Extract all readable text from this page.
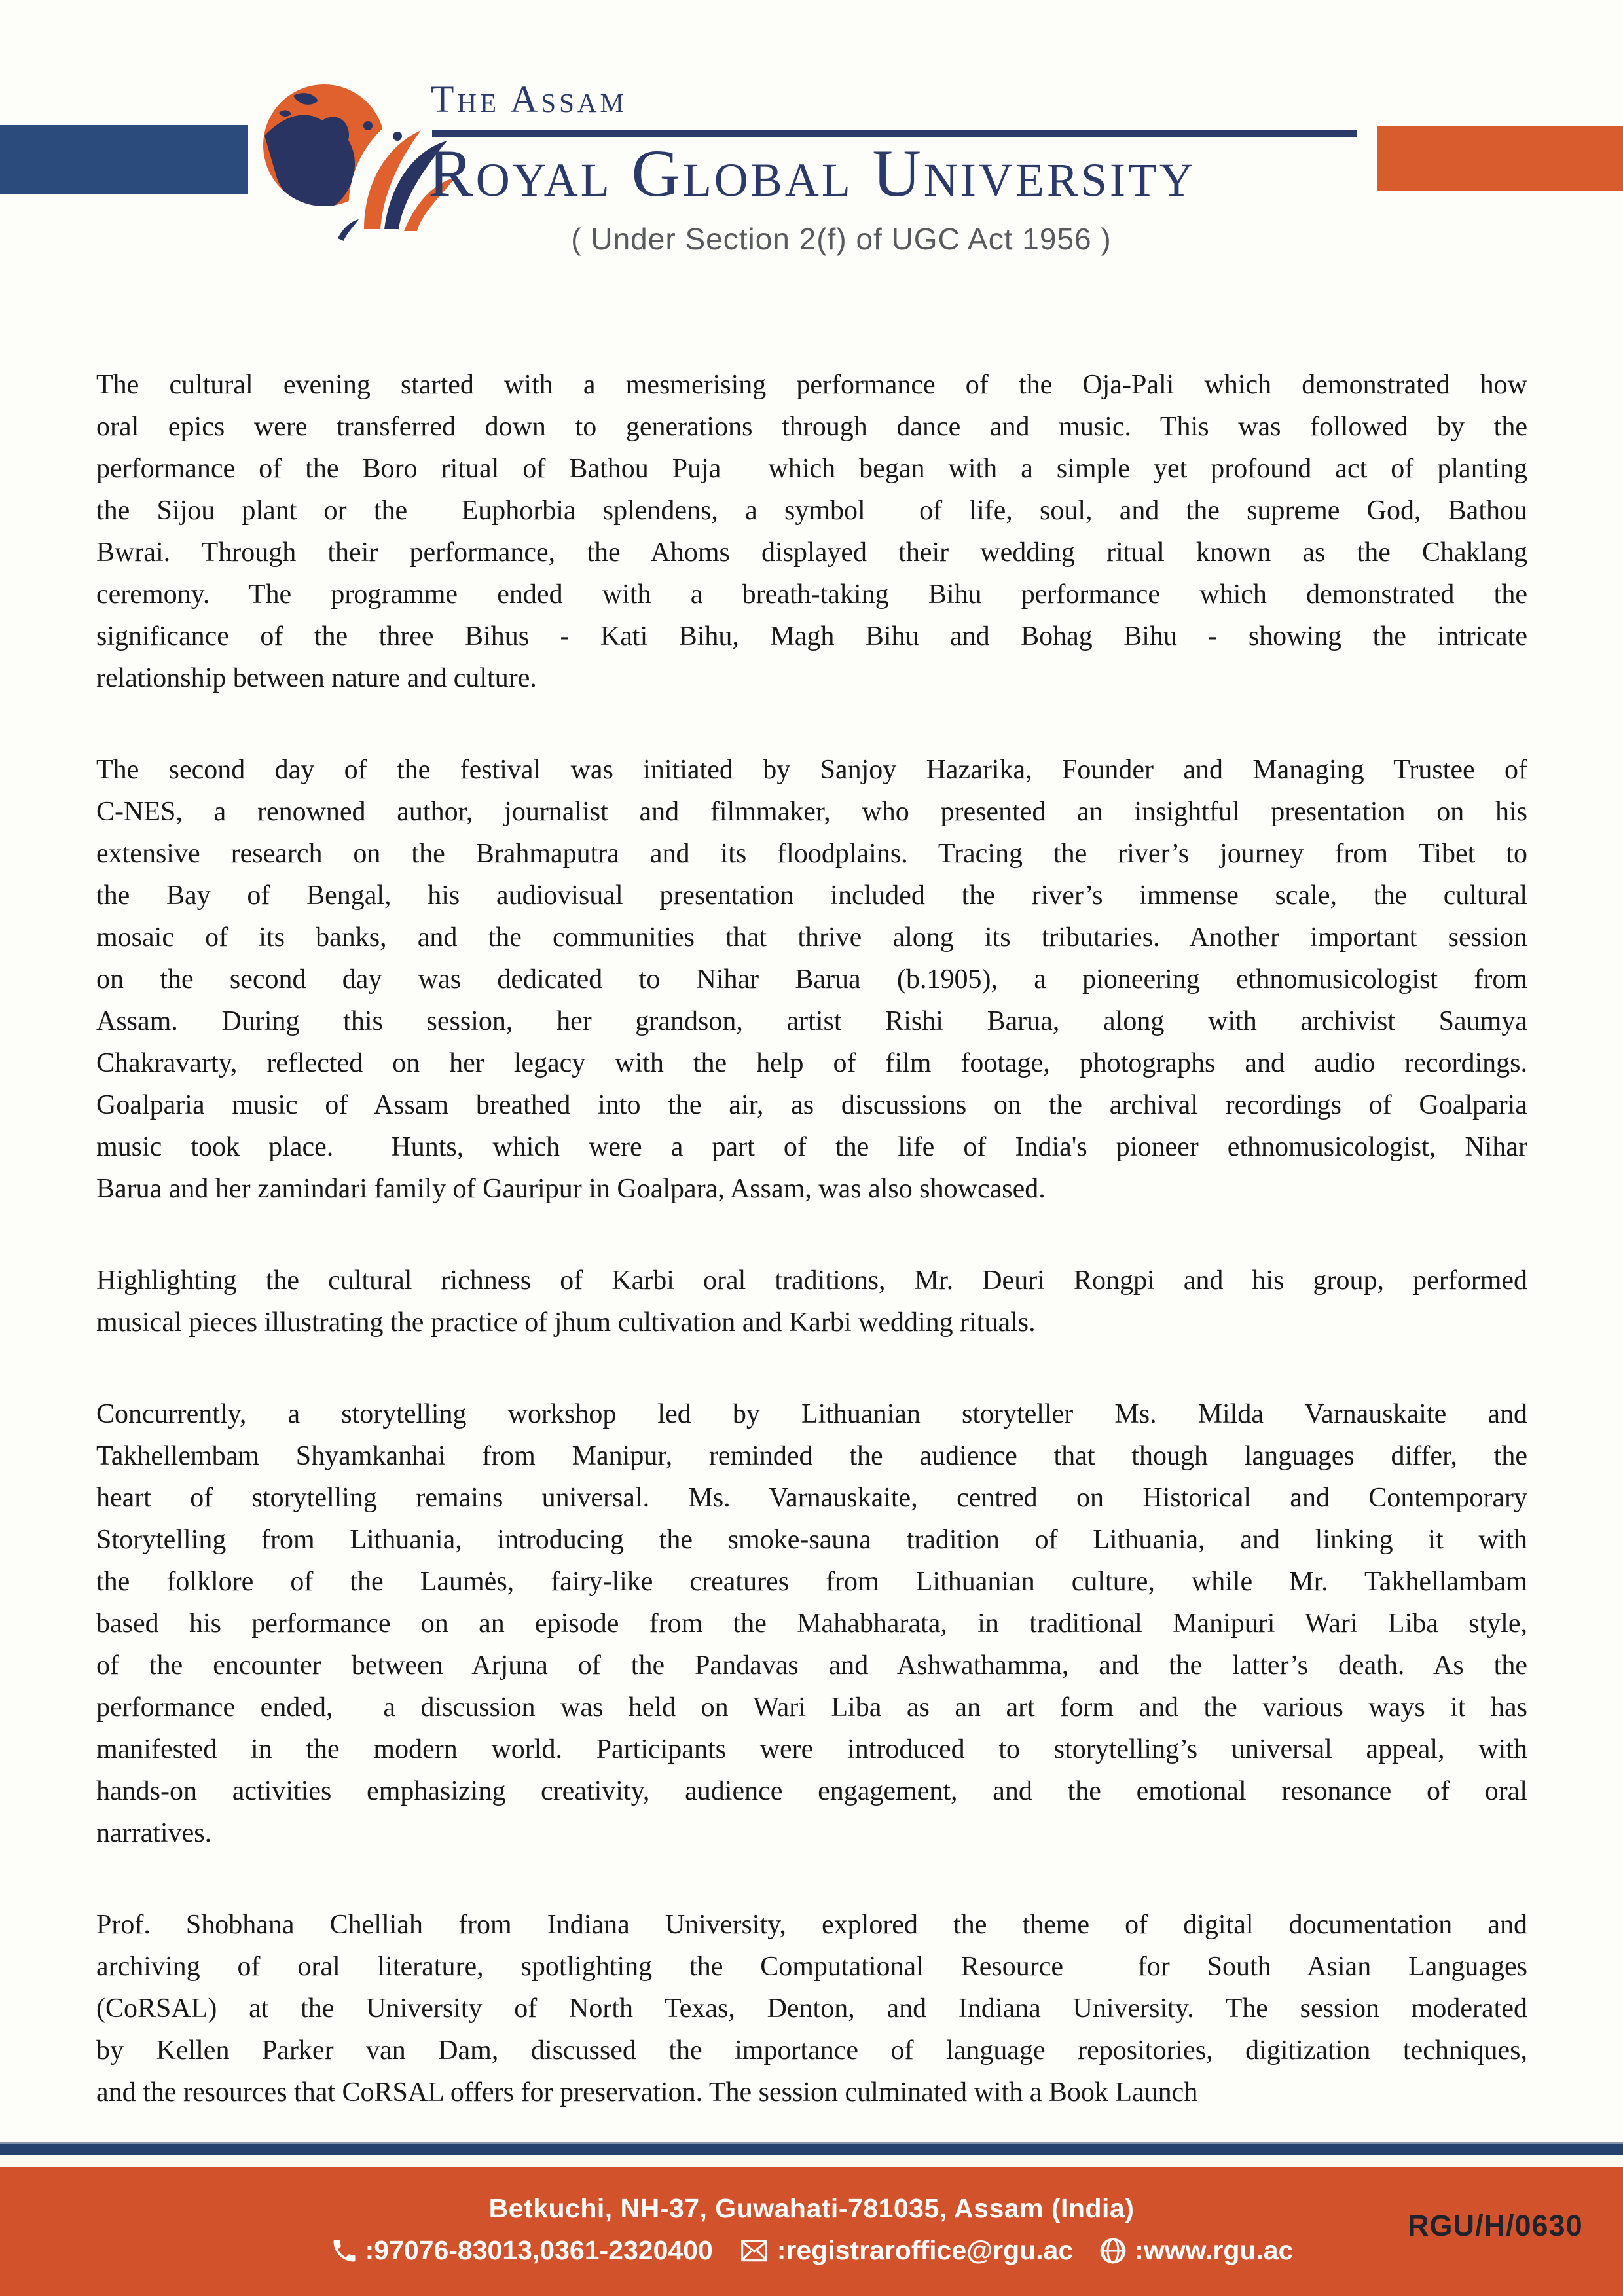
The Assam
Royal Global University
( Under Section 2(f) of UGC Act 1956 )
The cultural evening started with a mesmerising performance of the Oja-Pali which demonstrated how
oral epics were transferred down to generations through dance and music. This was followed by the
performance of the Boro ritual of Bathou Puja  which began with a simple yet profound act of planting
the Sijou plant or the  Euphorbia splendens, a symbol  of life, soul, and the supreme God, Bathou
Bwrai. Through their performance, the Ahoms displayed their wedding ritual known as the Chaklang
ceremony. The programme ended with a breath-taking Bihu performance which demonstrated the
significance of the three Bihus - Kati Bihu, Magh Bihu and Bohag Bihu - showing the intricate
relationship between nature and culture.
The second day of the festival was initiated by Sanjoy Hazarika, Founder and Managing Trustee of
C-NES, a renowned author, journalist and filmmaker, who presented an insightful presentation on his
extensive research on the Brahmaputra and its floodplains. Tracing the river’s journey from Tibet to
the Bay of Bengal, his audiovisual presentation included the river’s immense scale, the cultural
mosaic of its banks, and the communities that thrive along its tributaries. Another important session
on the second day was dedicated to Nihar Barua (b.1905), a pioneering ethnomusicologist from
Assam. During this session, her grandson, artist Rishi Barua, along with archivist Saumya
Chakravarty, reflected on her legacy with the help of film footage, photographs and audio recordings.
Goalparia music of Assam breathed into the air, as discussions on the archival recordings of Goalparia
music took place.  Hunts, which were a part of the life of India's pioneer ethnomusicologist, Nihar
Barua and her zamindari family of Gauripur in Goalpara, Assam, was also showcased.
Highlighting the cultural richness of Karbi oral traditions, Mr. Deuri Rongpi and his group, performed
musical pieces illustrating the practice of jhum cultivation and Karbi wedding rituals.
Concurrently, a storytelling workshop led by Lithuanian storyteller Ms. Milda Varnauskaite and
Takhellembam Shyamkanhai from Manipur, reminded the audience that though languages differ, the
heart of storytelling remains universal. Ms. Varnauskaite, centred on Historical and Contemporary
Storytelling from Lithuania, introducing the smoke-sauna tradition of Lithuania, and linking it with
the folklore of the Laumės, fairy-like creatures from Lithuanian culture, while Mr. Takhellambam
based his performance on an episode from the Mahabharata, in traditional Manipuri Wari Liba style,
of the encounter between Arjuna of the Pandavas and Ashwathamma, and the latter’s death. As the
performance ended,  a discussion was held on Wari Liba as an art form and the various ways it has
manifested in the modern world. Participants were introduced to storytelling’s universal appeal, with
hands-on activities emphasizing creativity, audience engagement, and the emotional resonance of oral
narratives.
Prof. Shobhana Chelliah from Indiana University, explored the theme of digital documentation and
archiving of oral literature, spotlighting the Computational Resource  for South Asian Languages
(CoRSAL) at the University of North Texas, Denton, and Indiana University. The session moderated
by Kellen Parker van Dam, discussed the importance of language repositories, digitization techniques,
and the resources that CoRSAL offers for preservation. The session culminated with a Book Launch
Betkuchi, NH-37, Guwahati-781035, Assam (India)
:97076-83013,0361-2320400 :registraroffice@rgu.ac :www.rgu.ac
RGU/H/0630
